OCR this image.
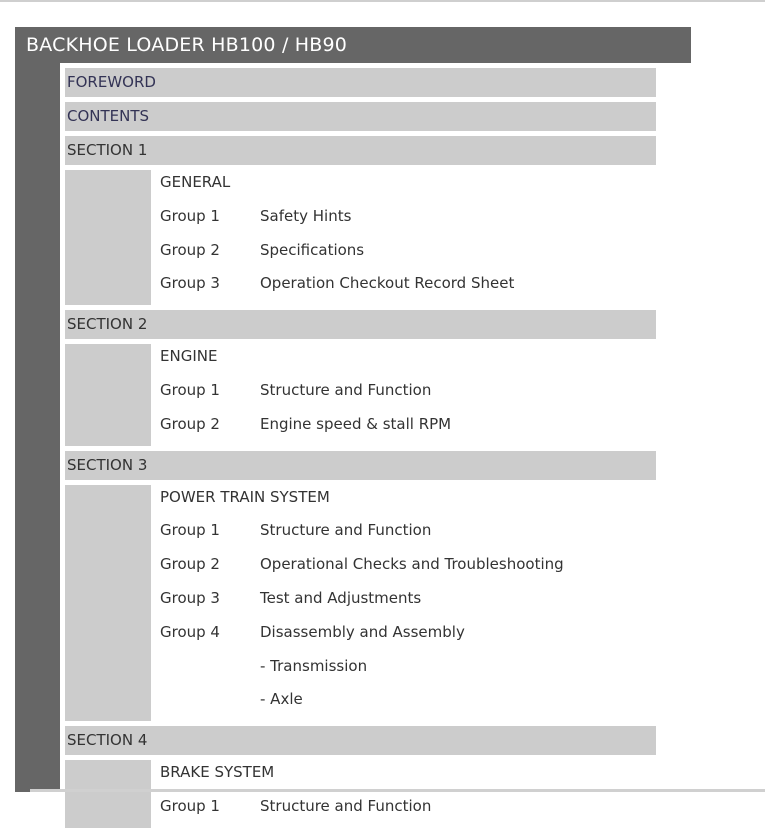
BACKHOE LOADER HB100 / HB90
FOREWORD
CONTENTS
SECTION 1
GENERAL
Group 1	Safety Hints
Group 2	Specifications
Group 3	Operation Checkout Record Sheet
SECTION 2
ENGINE
Group 1	Structure and Function
Group 2	Engine speed & stall RPM
SECTION 3
POWER TRAIN SYSTEM
Group 1	Structure and Function
Group 2	Operational Checks and Troubleshooting
Group 3	Test and Adjustments
Group 4	Disassembly and Assembly
- Transmission
- Axle
SECTION 4
BRAKE SYSTEM
Group 1	Structure and Function
